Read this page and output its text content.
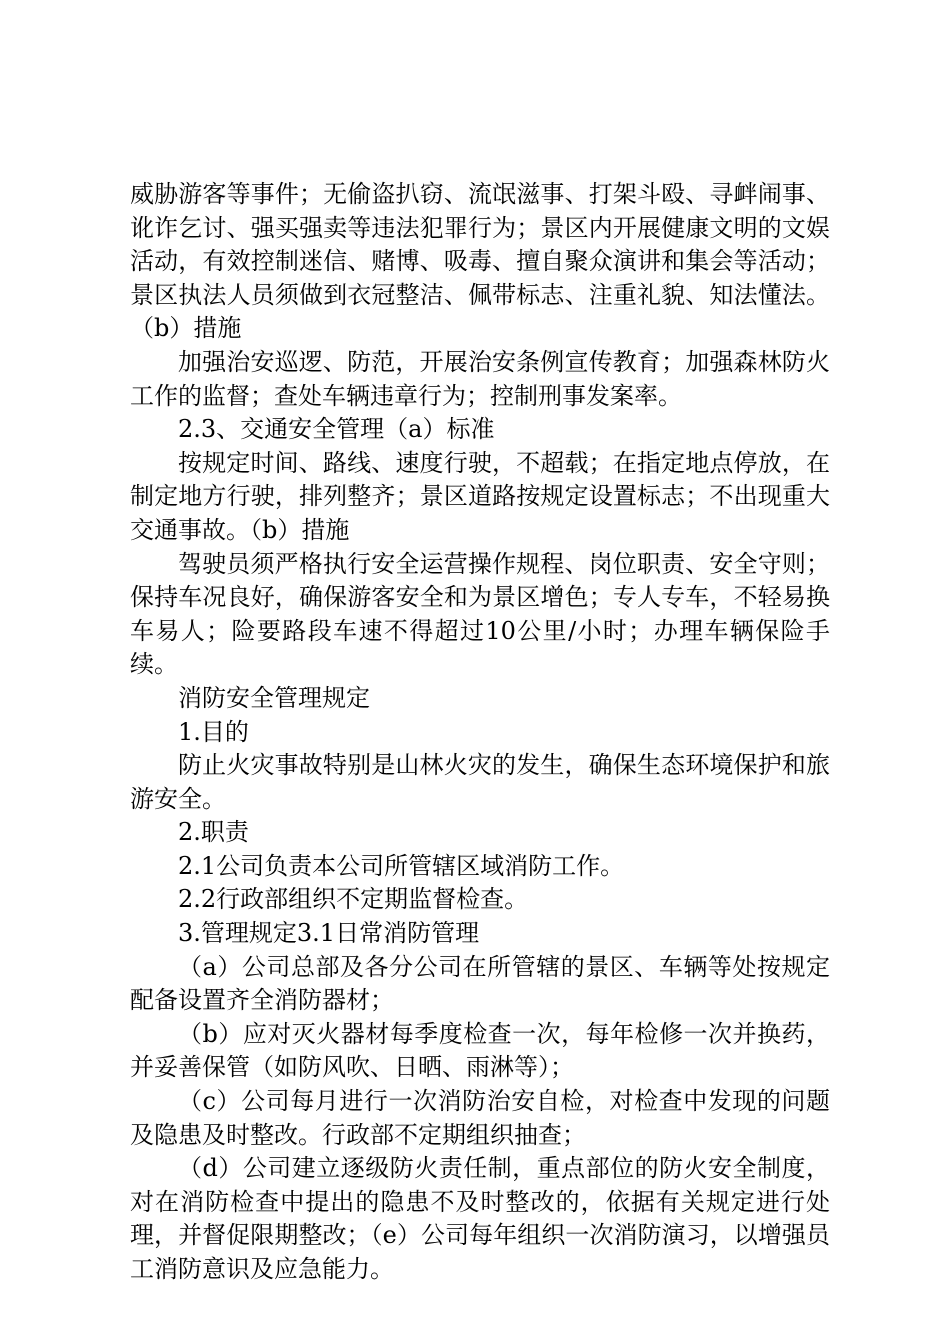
威胁游客等事件；无偷盗扒窃、流氓滋事、打架斗殴、寻衅闹事、讹诈乞讨、强买强卖等违法犯罪行为；景区内开展健康文明的文娱活动，有效控制迷信、赌博、吸毒、擅自聚众演讲和集会等活动；景区执法人员须做到衣冠整洁、佩带标志、注重礼貌、知法懂法。（b）措施

加强治安巡逻、防范，开展治安条例宣传教育；加强森林防火工作的监督；查处车辆违章行为；控制刑事发案率。

2.3、交通安全管理（a）标准

按规定时间、路线、速度行驶，不超载；在指定地点停放，在制定地方行驶，排列整齐；景区道路按规定设置标志；不出现重大交通事故。（b）措施

驾驶员须严格执行安全运营操作规程、岗位职责、安全守则；保持车况良好，确保游客安全和为景区增色；专人专车，不轻易换车易人；险要路段车速不得超过10公里/小时；办理车辆保险手续。

消防安全管理规定

1.目的

防止火灾事故特别是山林火灾的发生，确保生态环境保护和旅游安全。

2.职责

2.1公司负责本公司所管辖区域消防工作。

2.2行政部组织不定期监督检查。

3.管理规定3.1日常消防管理

（a）公司总部及各分公司在所管辖的景区、车辆等处按规定配备设置齐全消防器材；

（b）应对灭火器材每季度检查一次，每年检修一次并换药，并妥善保管（如防风吹、日晒、雨淋等）；

（c）公司每月进行一次消防治安自检，对检查中发现的问题及隐患及时整改。行政部不定期组织抽查；

（d）公司建立逐级防火责任制，重点部位的防火安全制度，对在消防检查中提出的隐患不及时整改的，依据有关规定进行处理，并督促限期整改；（e）公司每年组织一次消防演习，以增强员工消防意识及应急能力。
